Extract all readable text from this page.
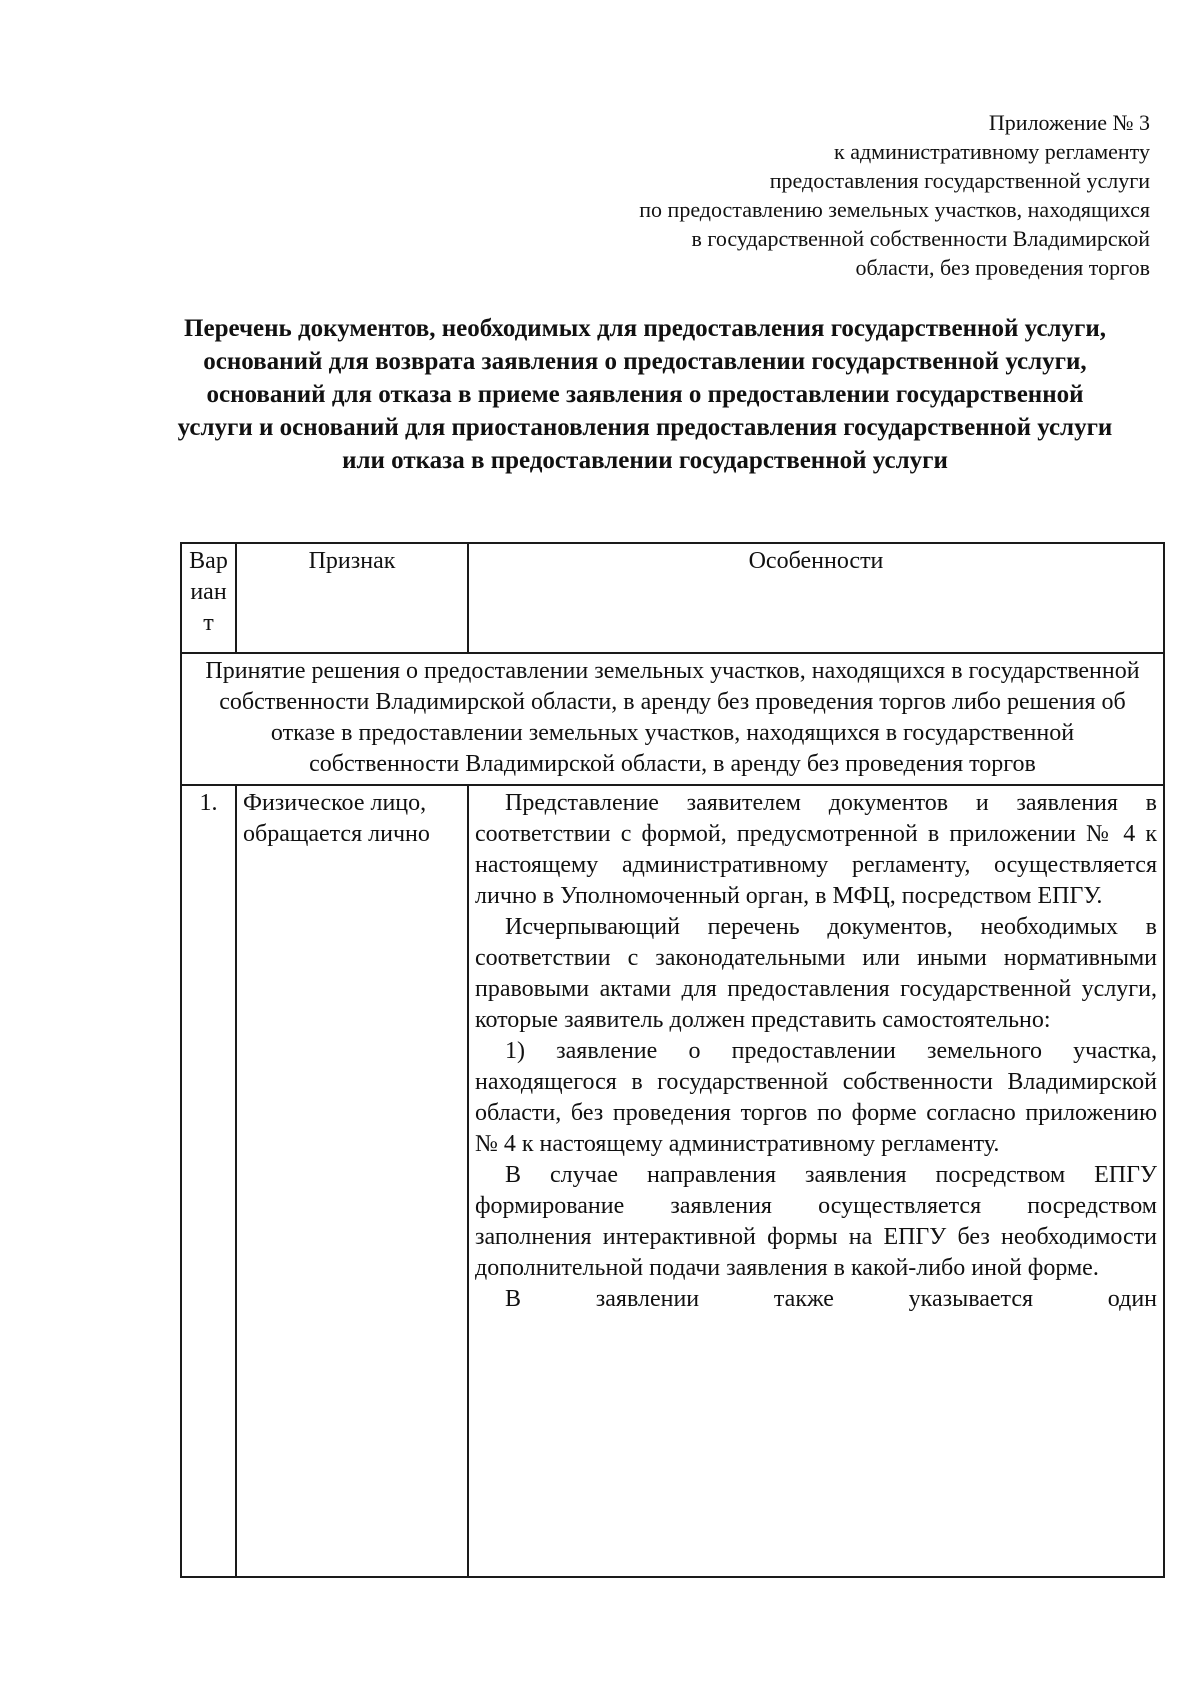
Приложение № 3
к административному регламенту
предоставления государственной услуги
по предоставлению земельных участков, находящихся
в государственной собственности Владимирской
области, без проведения торгов
Перечень документов, необходимых для предоставления государственной услуги, оснований для возврата заявления о предоставлении государственной услуги, оснований для отказа в приеме заявления о предоставлении государственной услуги и оснований для приостановления предоставления государственной услуги или отказа в предоставлении государственной услуги
Вариант	Признак	Особенности
Принятие решения о предоставлении земельных участков, находящихся в государственной собственности Владимирской области, в аренду без проведения торгов либо решения об отказе в предоставлении земельных участков, находящихся в государственной собственности Владимирской области, в аренду без проведения торгов		
1.	Физическое лицо, обращается лично	Представление заявителем документов и заявления в соответствии с формой, предусмотренной в приложении № 4 к настоящему административному регламенту, осуществляется лично в Уполномоченный орган, в МФЦ, посредством ЕПГУ.

Исчерпывающий перечень документов, необходимых в соответствии с законодательными или иными нормативными правовыми актами для предоставления государственной услуги, которые заявитель должен представить самостоятельно:

1) заявление о предоставлении земельного участка, находящегося в государственной собственности Владимирской области, без проведения торгов по форме согласно приложению № 4 к настоящему административному регламенту.

В случае направления заявления посредством ЕПГУ формирование заявления осуществляется посредством заполнения интерактивной формы на ЕПГУ без необходимости дополнительной подачи заявления в какой-либо иной форме.

В заявлении также указывается один
